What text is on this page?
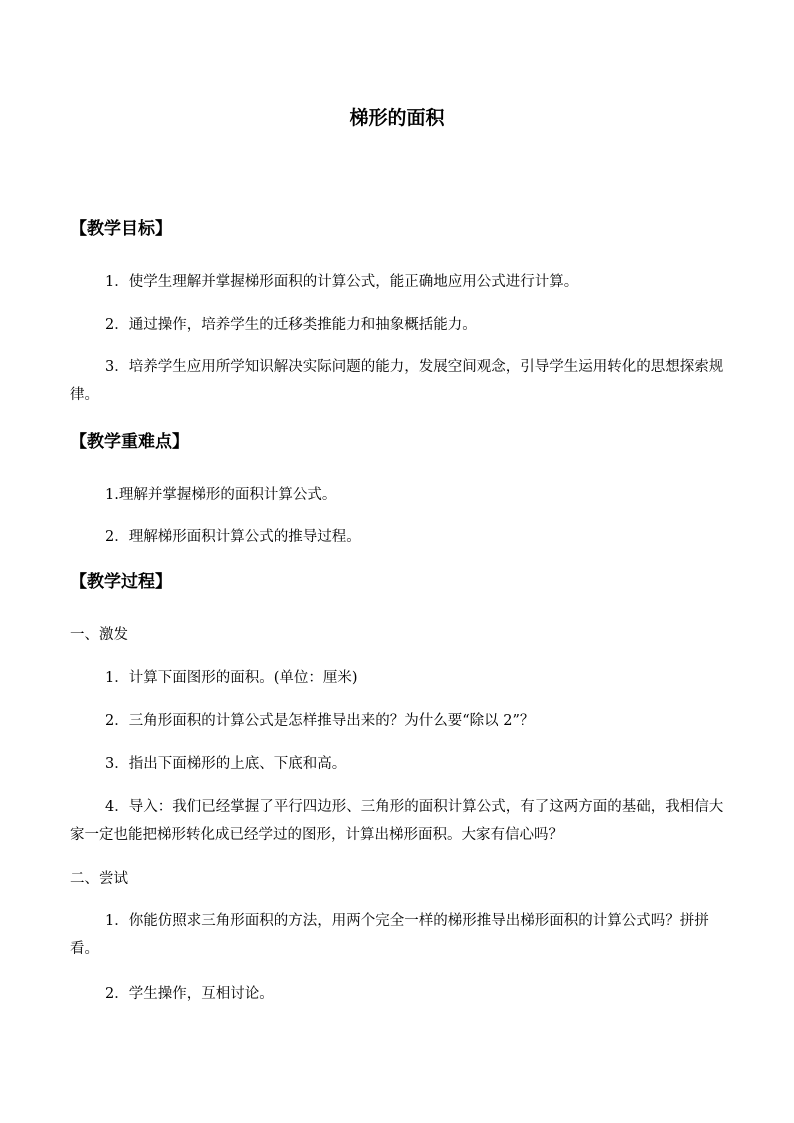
梯形的面积
【教学目标】
1．使学生理解并掌握梯形面积的计算公式，能正确地应用公式进行计算。
2．通过操作，培养学生的迁移类推能力和抽象概括能力。
3．培养学生应用所学知识解决实际问题的能力，发展空间观念，引导学生运用转化的思想探索规律。
【教学重难点】
1.理解并掌握梯形的面积计算公式。
2．理解梯形面积计算公式的推导过程。
【教学过程】
一、激发
1．计算下面图形的面积。(单位：厘米)
2．三角形面积的计算公式是怎样推导出来的？为什么要“除以 2”？
3．指出下面梯形的上底、下底和高。
4．导入：我们已经掌握了平行四边形、三角形的面积计算公式，有了这两方面的基础，我相信大家一定也能把梯形转化成已经学过的图形，计算出梯形面积。大家有信心吗？
二、尝试
1．你能仿照求三角形面积的方法，用两个完全一样的梯形推导出梯形面积的计算公式吗？拼拼看。
2．学生操作，互相讨论。
